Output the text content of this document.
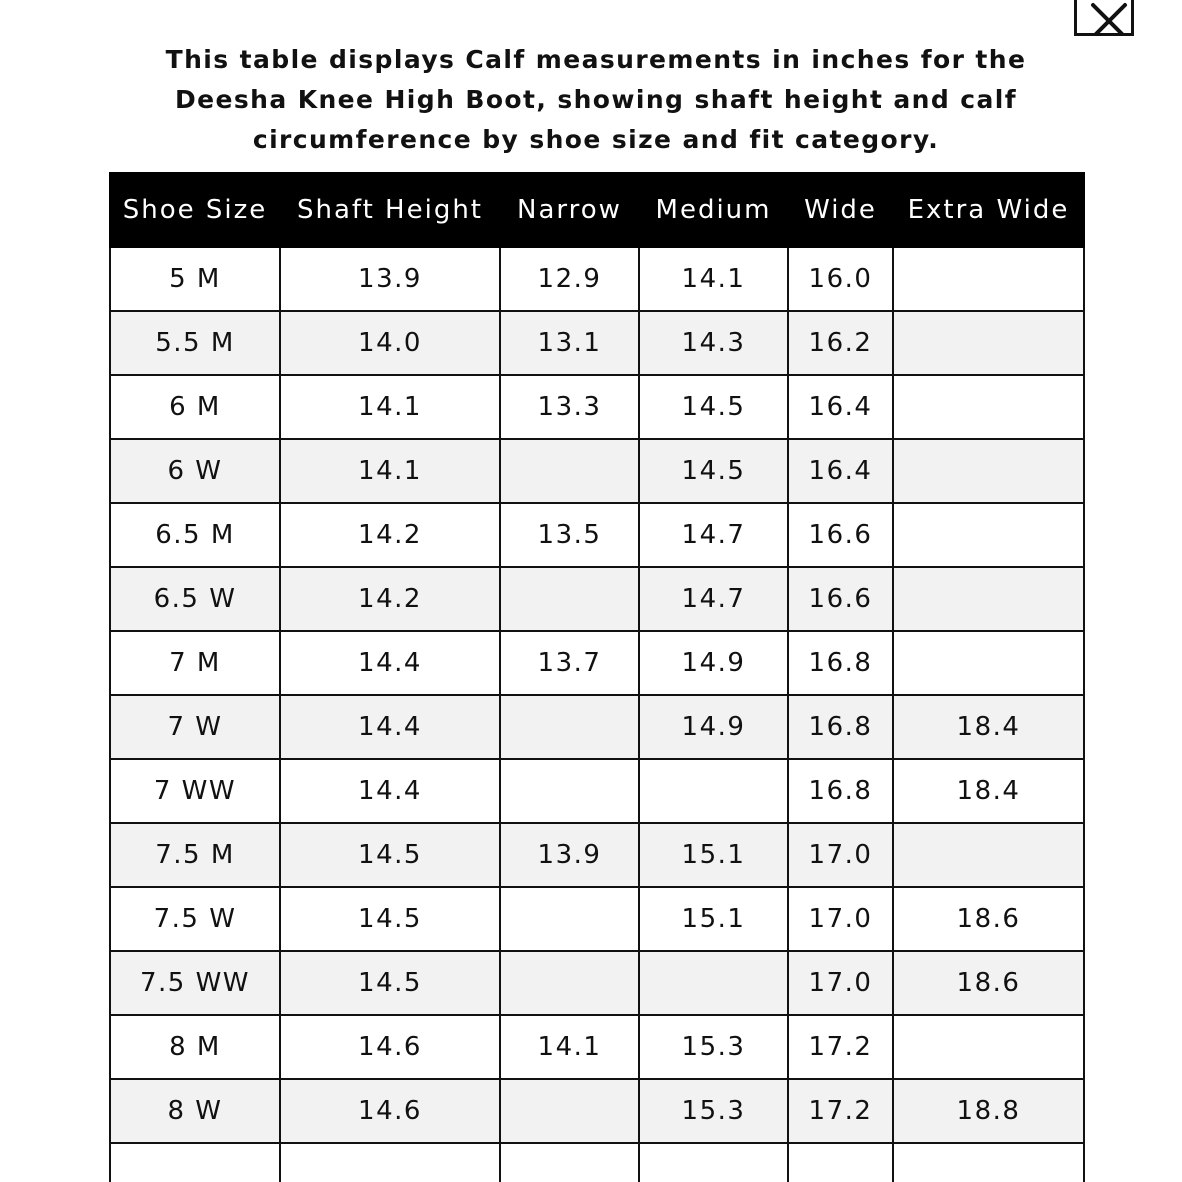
This table displays Calf measurements in inches for the Deesha Knee High Boot, showing shaft height and calf circumference by shoe size and fit category.

Shoe Size	Shaft Height	Narrow	Medium	Wide	Extra Wide
5 M	13.9	12.9	14.1	16.0	
5.5 M	14.0	13.1	14.3	16.2	
6 M	14.1	13.3	14.5	16.4	
6 W	14.1		14.5	16.4	
6.5 M	14.2	13.5	14.7	16.6	
6.5 W	14.2		14.7	16.6	
7 M	14.4	13.7	14.9	16.8	
7 W	14.4		14.9	16.8	18.4
7 WW	14.4			16.8	18.4
7.5 M	14.5	13.9	15.1	17.0	
7.5 W	14.5		15.1	17.0	18.6
7.5 WW	14.5			17.0	18.6
8 M	14.6	14.1	15.3	17.2	
8 W	14.6		15.3	17.2	18.8
